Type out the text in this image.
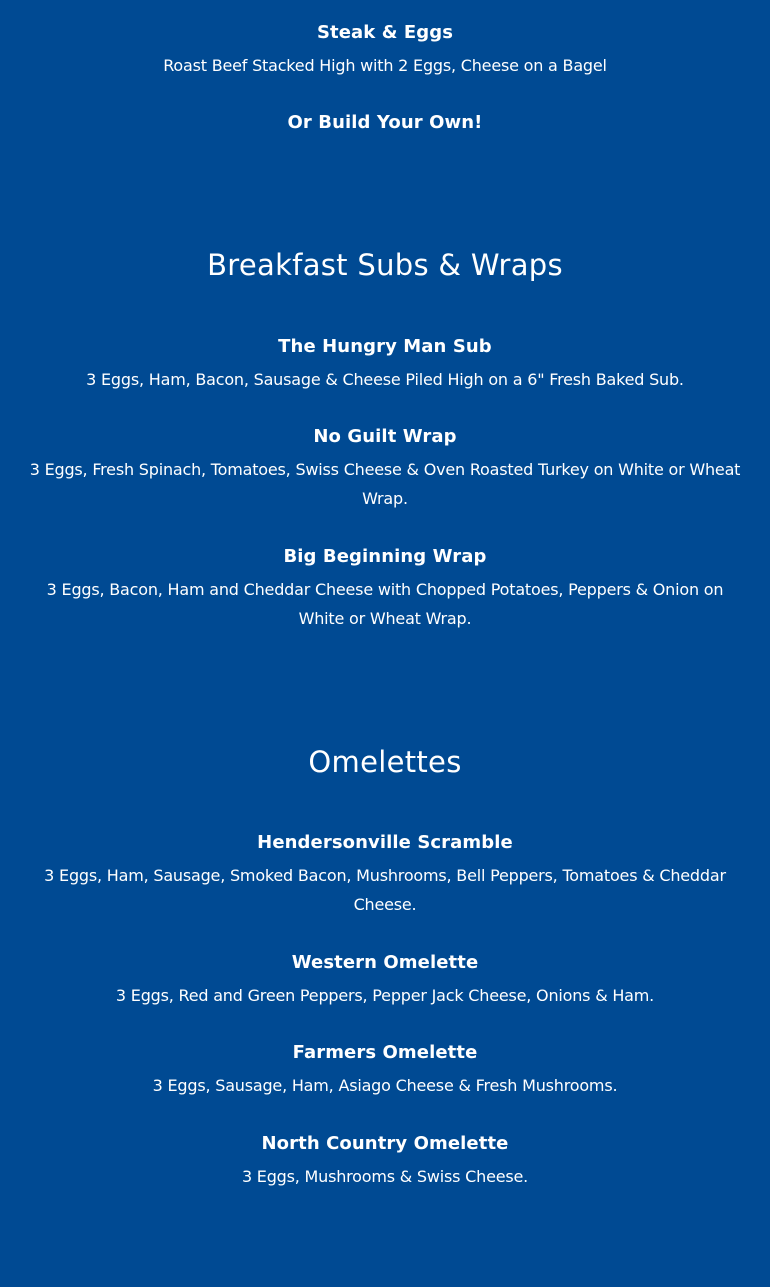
Steak & Eggs
Roast Beef Stacked High with 2 Eggs, Cheese on a Bagel
Or Build Your Own!
Breakfast Subs & Wraps
The Hungry Man Sub
3 Eggs, Ham, Bacon, Sausage & Cheese Piled High on a 6" Fresh Baked Sub.
No Guilt Wrap
3 Eggs, Fresh Spinach, Tomatoes, Swiss Cheese & Oven Roasted Turkey on White or Wheat Wrap.
Big Beginning Wrap
3 Eggs, Bacon, Ham and Cheddar Cheese with Chopped Potatoes, Peppers & Onion on White or Wheat Wrap.
Omelettes
Hendersonville Scramble
3 Eggs, Ham, Sausage, Smoked Bacon, Mushrooms, Bell Peppers, Tomatoes & Cheddar Cheese.
Western Omelette
3 Eggs, Red and Green Peppers, Pepper Jack Cheese, Onions & Ham.
Farmers Omelette
3 Eggs, Sausage, Ham, Asiago Cheese & Fresh Mushrooms.
North Country Omelette
3 Eggs, Mushrooms & Swiss Cheese.
